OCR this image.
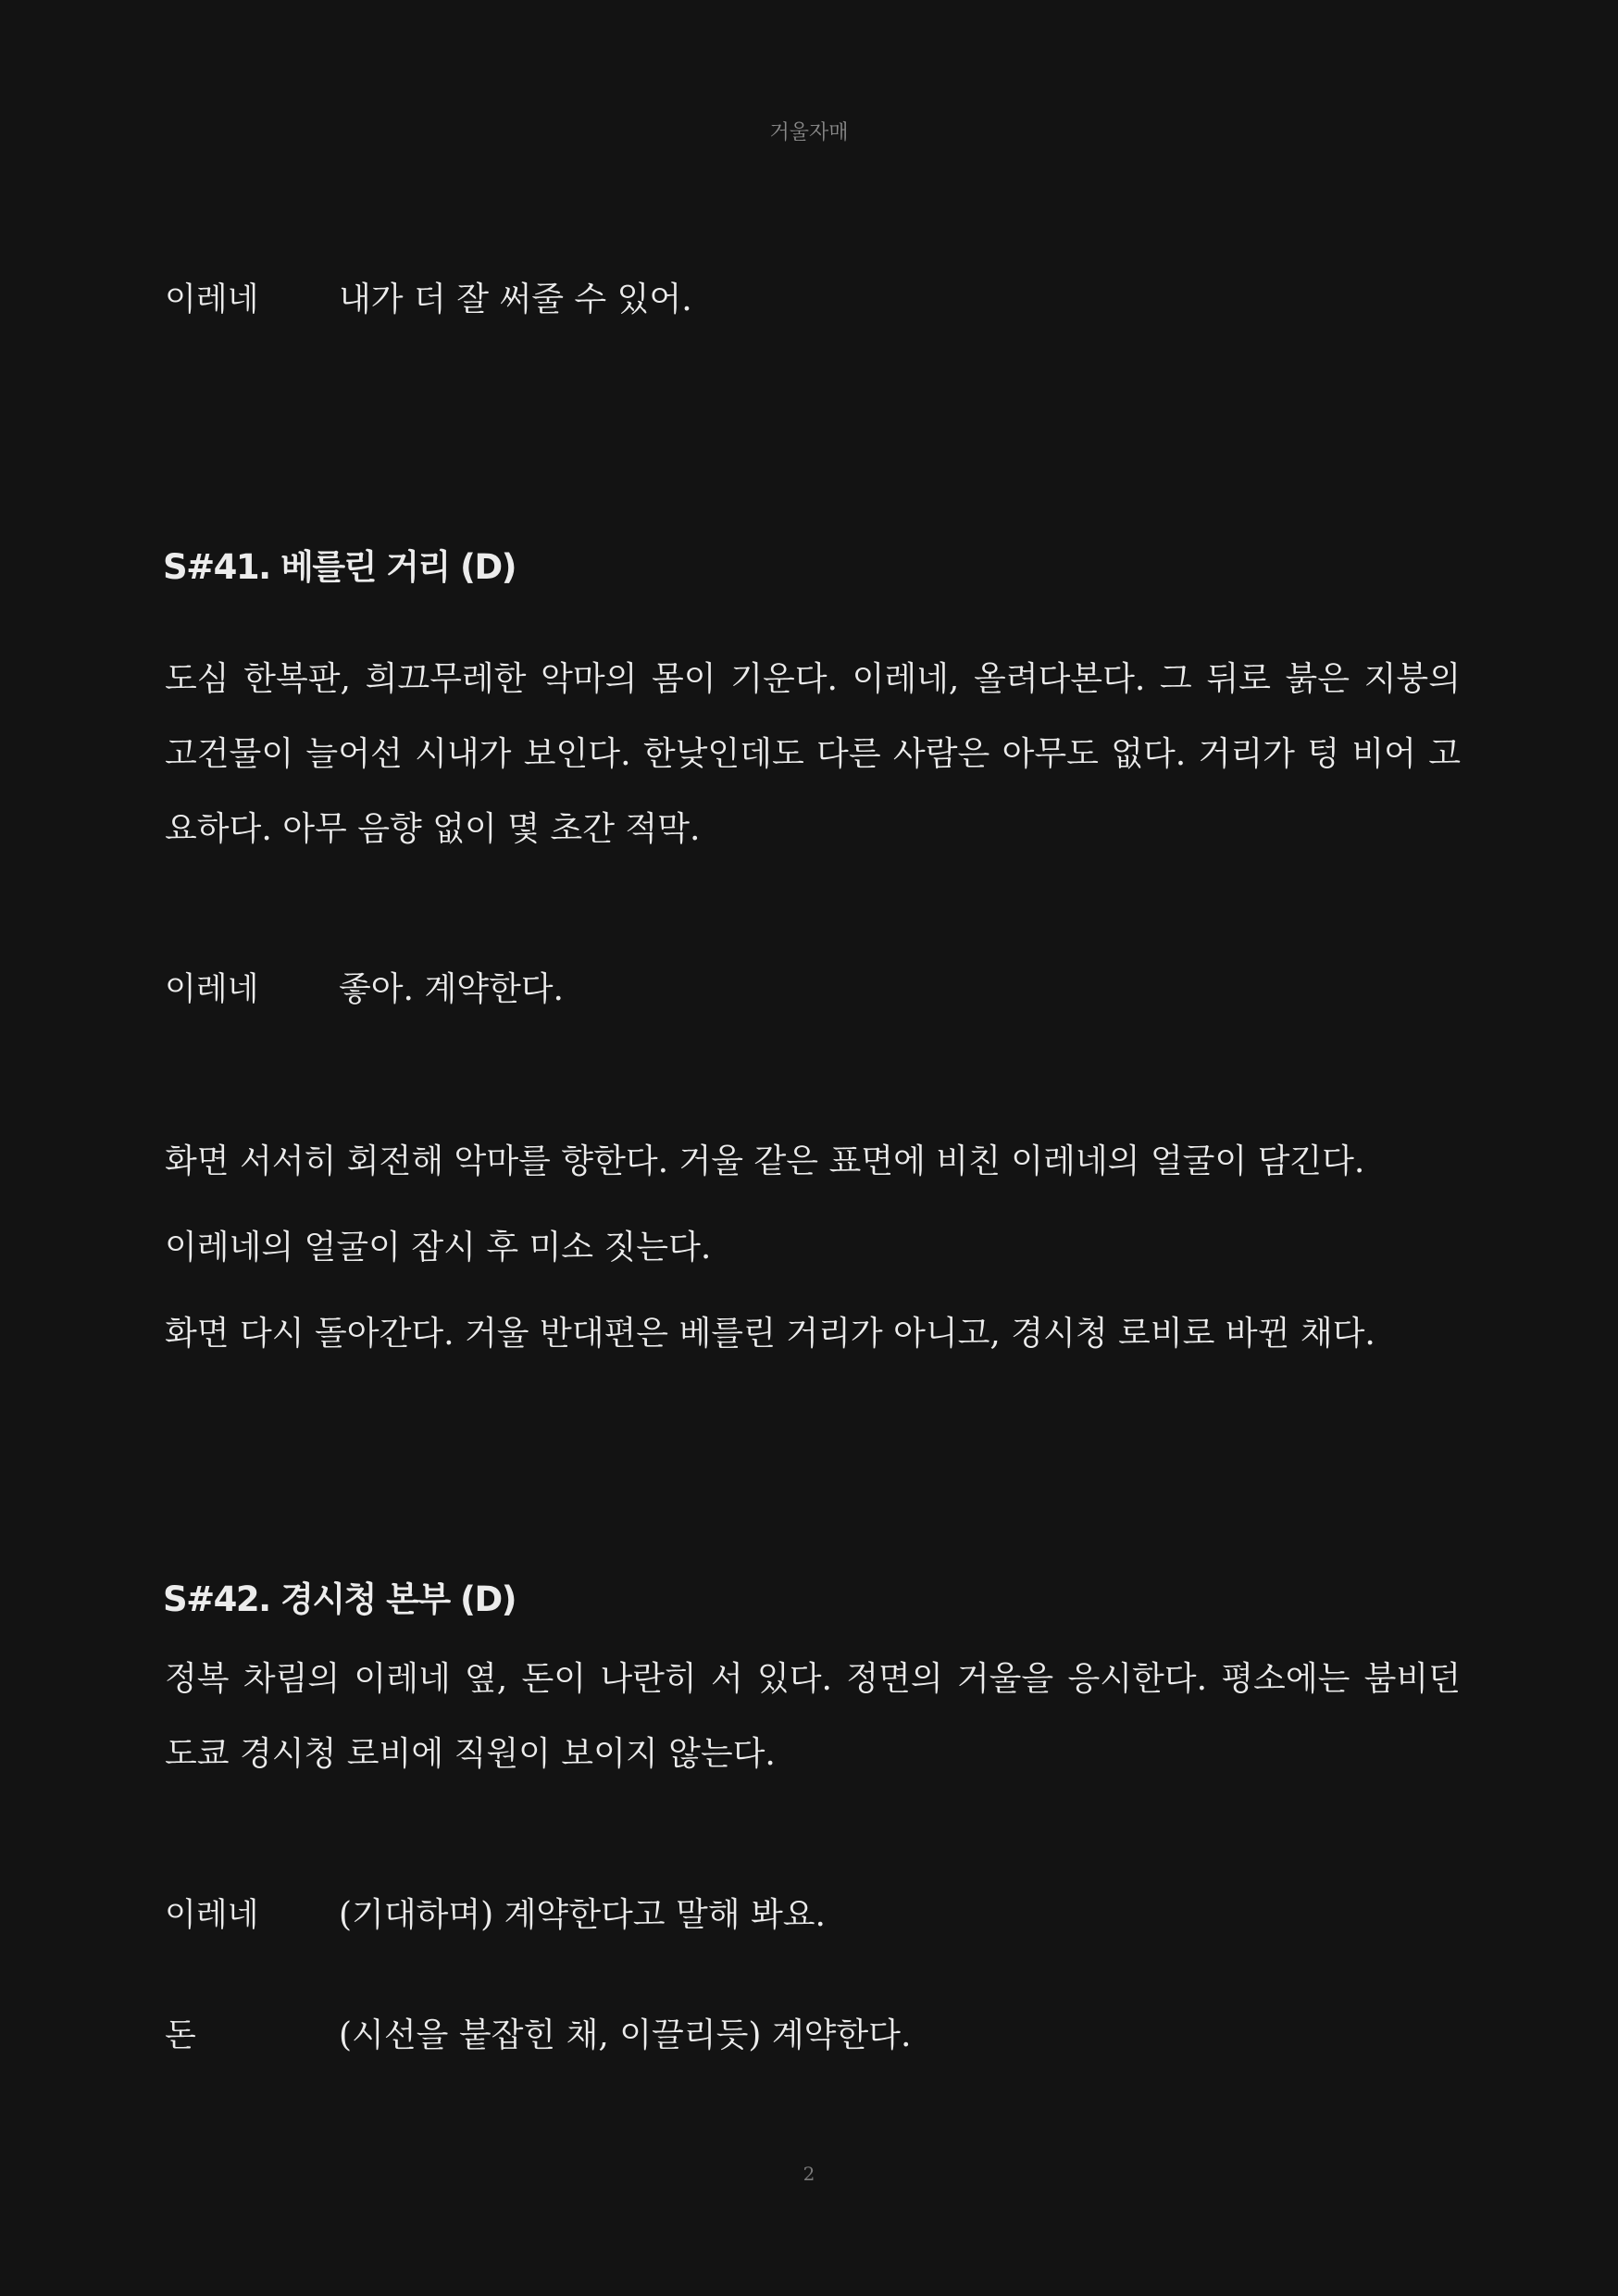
거울자매
이레네 내가 더 잘 써줄 수 있어.
S#41. 베를린 거리 (D)
도심 한복판, 희끄무레한 악마의 몸이 기운다. 이레네, 올려다본다. 그 뒤로 붉은 지붕의 고건물이 늘어선 시내가 보인다. 한낮인데도 다른 사람은 아무도 없다. 거리가 텅 비어 고요하다. 아무 음향 없이 몇 초간 적막.
이레네 좋아. 계약한다.
화면 서서히 회전해 악마를 향한다. 거울 같은 표면에 비친 이레네의 얼굴이 담긴다.
이레네의 얼굴이 잠시 후 미소 짓는다.
화면 다시 돌아간다. 거울 반대편은 베를린 거리가 아니고, 경시청 로비로 바뀐 채다.
S#42. 경시청 본부 (D)
정복 차림의 이레네 옆, 돈이 나란히 서 있다. 정면의 거울을 응시한다. 평소에는 붐비던 도쿄 경시청 로비에 직원이 보이지 않는다.
이레네 (기대하며) 계약한다고 말해 봐요.
돈	(시선을 붙잡힌 채, 이끌리듯) 계약한다.
2
